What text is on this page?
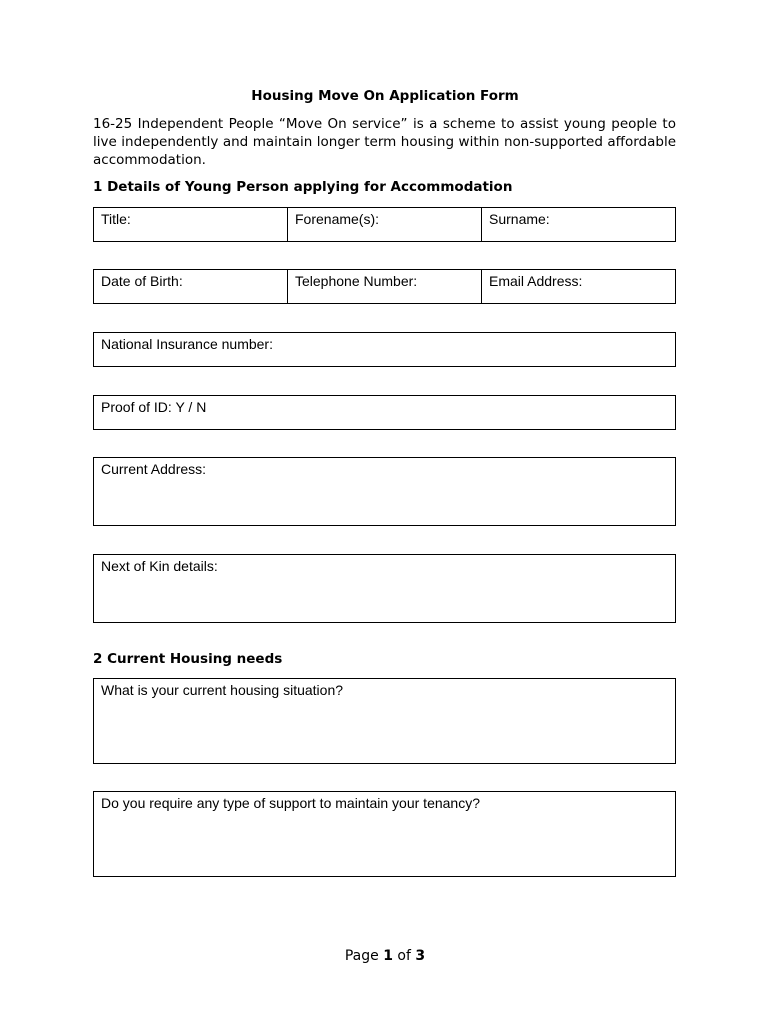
Housing Move On Application Form
16-25 Independent People “Move On service” is a scheme to assist young people to live independently and maintain longer term housing within non-supported affordable accommodation.
1 Details of Young Person applying for Accommodation
Title:	Forename(s):	Surname:
Date of Birth:	Telephone Number:	Email Address:
National Insurance number:
Proof of ID: Y / N
Current Address:
Next of Kin details:
2 Current Housing needs
What is your current housing situation?
Do you require any type of support to maintain your tenancy?
Page 1 of 3
